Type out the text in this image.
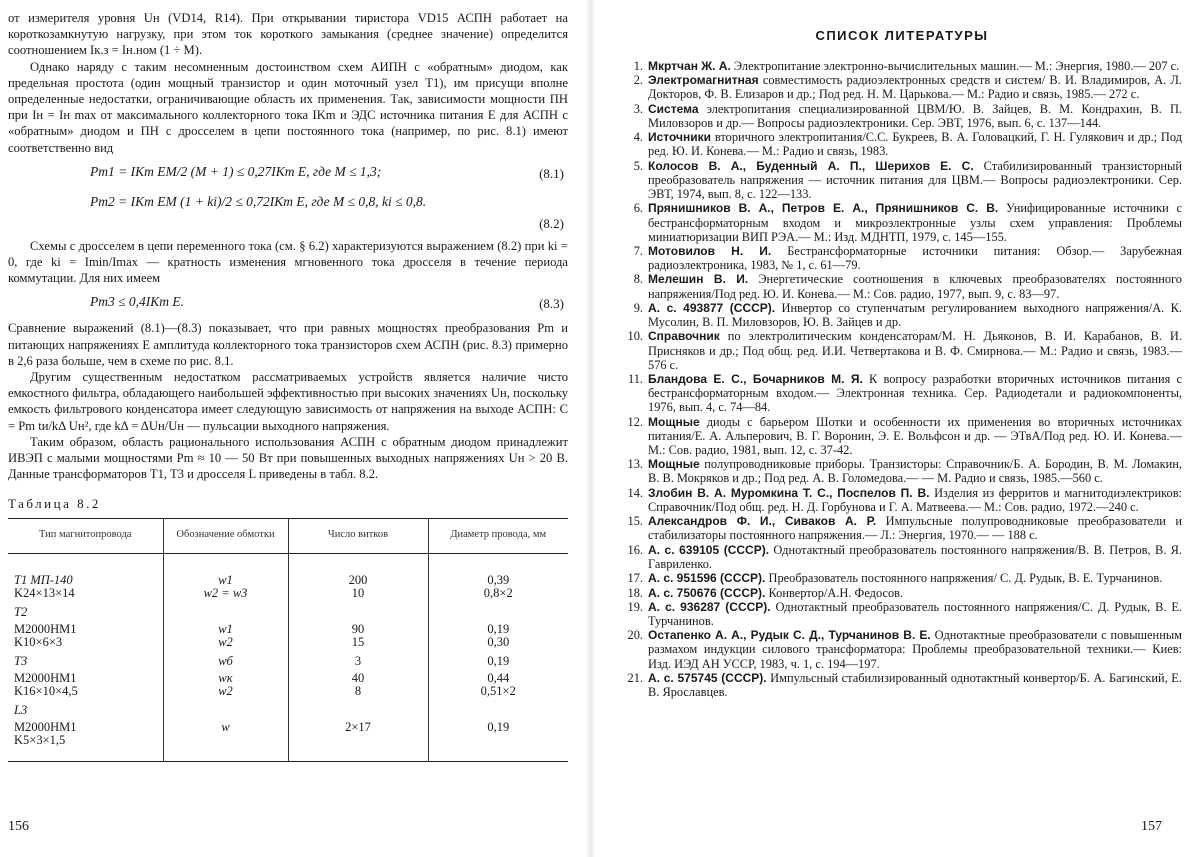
от измерителя уровня Uн (VD14, R14). При открывании тиристора VD15 АСПН работает на короткозамкнутую нагрузку, при этом ток короткого замыкания (среднее значение) определится соотношением Iк.з = Iн.ном (1 ÷ M).

Однако наряду с таким несомненным достоинством схем АИПН с «обратным» диодом, как предельная простота (один мощный транзистор и один моточный узел T1), им присущи вполне определенные недостатки, ограничивающие область их применения. Так, зависимости мощности ПН при Iн = Iн max от максимального коллекторного тока IKm и ЭДС источника питания E для АСПН с «обратным» диодом и ПН с дросселем в цепи постоянного тока (например, по рис. 8.1) имеют соответственно вид

Pm1 = IKm EM/2 (M + 1) ≤ 0,27IKm E, где M ≤ 1,3;	(8.1)
Pm2 = IKm EM (1 + ki)/2 ≤ 0,72IKm E, где M ≤ 0,8, ki ≤ 0,8.
(8.2)

Схемы с дросселем в цепи переменного тока (см. § 6.2) характеризуются выражением (8.2) при ki = 0, где ki = Imin/Imax — кратность изменения мгновенного тока дросселя в течение периода коммутации. Для них имеем

Pm3 ≤ 0,4IKm E.	(8.3)

Сравнение выражений (8.1)—(8.3) показывает, что при равных мощностях преобразования Pm и питающих напряжениях E амплитуда коллекторного тока транзисторов схем АСПН (рис. 8.3) примерно в 2,6 раза больше, чем в схеме по рис. 8.1.

Другим существенным недостатком рассматриваемых устройств является наличие чисто емкостного фильтра, обладающего наибольшей эффективностью при высоких значениях Uн, поскольку емкость фильтрового конденсатора имеет следующую зависимость от напряжения на выходе АСПН: C = Pm tи/kΔ Uн², где kΔ = ΔUн/Uн — пульсации выходного напряжения.

Таким образом, область рационального использования АСПН с обратным диодом принадлежит ИВЭП с малыми мощностями Pm ≈ 10 — 50 Вт при повышенных выходных напряжениях Uн > 20 В. Данные трансформаторов T1, T3 и дросселя L приведены в табл. 8.2.

Таблица 8.2
Тип магнитопровода	Обозначение обмотки	Число витков	Диаметр провода, мм
T1 МП-140	w1	200	0,39
K24×13×14	w2 = w3	10	0,8×2
T2			
M2000НМ1	w1	90	0,19
K10×6×3	w2	15	0,30
T3	wб	3	0,19
M2000НМ1	wк	40	0,44
K16×10×4,5	w2	8	0,51×2
L3			
M2000НМ1	w	2×17	0,19
K5×3×1,5			
156
СПИСОК ЛИТЕРАТУРЫ
1. Мкртчан Ж. А. Электропитание электронно-вычислительных машин.— М.: Энергия, 1980.— 207 с.
2. Электромагнитная совместимость радиоэлектронных средств и систем/ В. И. Владимиров, А. Л. Докторов, Ф. В. Елизаров и др.; Под ред. Н. М. Царькова.— М.: Радио и связь, 1985.— 272 с.
3. Система электропитания специализированной ЦВМ/Ю. В. Зайцев, В. М. Кондрахин, В. П. Миловзоров и др.— Вопросы радиоэлектроники. Сер. ЭВТ, 1976, вып. 6, с. 137—144.
4. Источники вторичного электропитания/С.С. Букреев, В. А. Головацкий, Г. Н. Гулякович и др.; Под ред. Ю. И. Конева.— М.: Радио и связь, 1983.
5. Колосов В. А., Буденный А. П., Шерихов Е. С. Стабилизированный транзисторный преобразователь напряжения — источник питания для ЦВМ.— Вопросы радиоэлектроники. Сер. ЭВТ, 1974, вып. 8, с. 122—133.
6. Прянишников В. А., Петров Е. А., Прянишников С. В. Унифицированные источники с бестрансформаторным входом и микроэлектронные узлы схем управления: Проблемы миниатюризации ВИП РЭА.— М.: Изд. МДНТП, 1979, с. 145—155.
7. Мотовилов Н. И. Бестрансформаторные источники питания: Обзор.— Зарубежная радиоэлектроника, 1983, № 1, с. 61—79.
8. Мелешин В. И. Энергетические соотношения в ключевых преобразователях постоянного напряжения/Под ред. Ю. И. Конева.— М.: Сов. радио, 1977, вып. 9, с. 83—97.
9. А. с. 493877 (СССР). Инвертор со ступенчатым регулированием выходного напряжения/А. К. Мусолин, В. П. Миловзоров, Ю. В. Зайцев и др.
10. Справочник по электролитическим конденсаторам/М. Н. Дьяконов, В. И. Карабанов, В. И. Присняков и др.; Под общ. ред. И.И. Четвертакова и В. Ф. Смирнова.— М.: Радио и связь, 1983.—576 с.
11. Бландова Е. С., Бочарников М. Я. К вопросу разработки вторичных источников питания с бестрансформаторным входом.— Электронная техника. Сер. Радиодетали и радиокомпоненты, 1976, вып. 4, с. 74—84.
12. Мощные диоды с барьером Шотки и особенности их применения во вторичных источниках питания/Е. А. Альперович, В. Г. Воронин, Э. Е. Вольфсон и др. — ЭТвА/Под ред. Ю. И. Конева.— М.: Сов. радио, 1981, вып. 12, с. 37-42.
13. Мощные полупроводниковые приборы. Транзисторы: Справочник/Б. А. Бородин, В. М. Ломакин, В. В. Мокряков и др.; Под ред. А. В. Голомедова.— — М. Радио и связь, 1985.—560 с.
14. Злобин В. А. Муромкина Т. С., Поспелов П. В. Изделия из ферритов и магнитодиэлектриков: Справочник/Под общ. ред. Н. Д. Горбунова и Г. А. Матвеева.— М.: Сов. радио, 1972.—240 с.
15. Александров Ф. И., Сиваков А. Р. Импульсные полупроводниковые преобразователи и стабилизаторы постоянного напряжения.— Л.: Энергия, 1970.— — 188 с.
16. А. с. 639105 (СССР). Однотактный преобразователь постоянного напряжения/В. В. Петров, В. Я. Гавриленко.
17. А. с. 951596 (СССР). Преобразователь постоянного напряжения/ С. Д. Рудык, В. Е. Турчанинов.
18. А. с. 750676 (СССР). Конвертор/А.Н. Федосов.
19. А. с. 936287 (СССР). Однотактный преобразователь постоянного напряжения/С. Д. Рудык, В. Е. Турчанинов.
20. Остапенко А. А., Рудык С. Д., Турчанинов В. Е. Однотактные преобразователи с повышенным размахом индукции силового трансформатора: Проблемы преобразовательной техники.— Киев: Изд. ИЭД АН УССР, 1983, ч. 1, с. 194—197.
21. А. с. 575745 (СССР). Импульсный стабилизированный однотактный конвертор/Б. А. Багинский, Е. В. Ярославцев.
157
